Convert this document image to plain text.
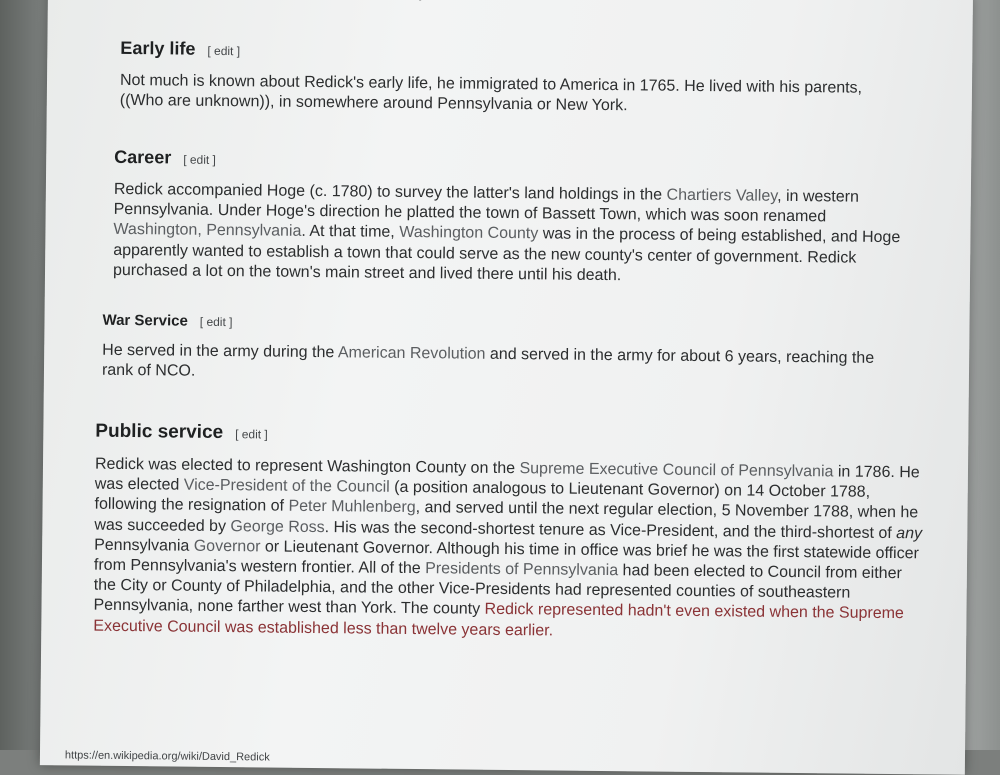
Early life [ edit ]
Not much is known about Redick's early life, he immigrated to America in 1765. He lived with his parents, ((Who are unknown)), in somewhere around Pennsylvania or New York.
Career [ edit ]
Redick accompanied Hoge (c. 1780) to survey the latter's land holdings in the Chartiers Valley, in western Pennsylvania. Under Hoge's direction he platted the town of Bassett Town, which was soon renamed Washington, Pennsylvania. At that time, Washington County was in the process of being established, and Hoge apparently wanted to establish a town that could serve as the new county's center of government. Redick purchased a lot on the town's main street and lived there until his death.
War Service [ edit ]
He served in the army during the American Revolution and served in the army for about 6 years, reaching the rank of NCO.
Public service [ edit ]
Redick was elected to represent Washington County on the Supreme Executive Council of Pennsylvania in 1786. He was elected Vice-President of the Council (a position analogous to Lieutenant Governor) on 14 October 1788, following the resignation of Peter Muhlenberg, and served until the next regular election, 5 November 1788, when he was succeeded by George Ross. His was the second-shortest tenure as Vice-President, and the third-shortest of any Pennsylvania Governor or Lieutenant Governor. Although his time in office was brief he was the first statewide officer from Pennsylvania's western frontier. All of the Presidents of Pennsylvania had been elected to Council from either the City or County of Philadelphia, and the other Vice-Presidents had represented counties of southeastern Pennsylvania, none farther west than York. The county Redick represented hadn't even existed when the Supreme Executive Council was established less than twelve years earlier.
https://en.wikipedia.org/wiki/David_Redick
